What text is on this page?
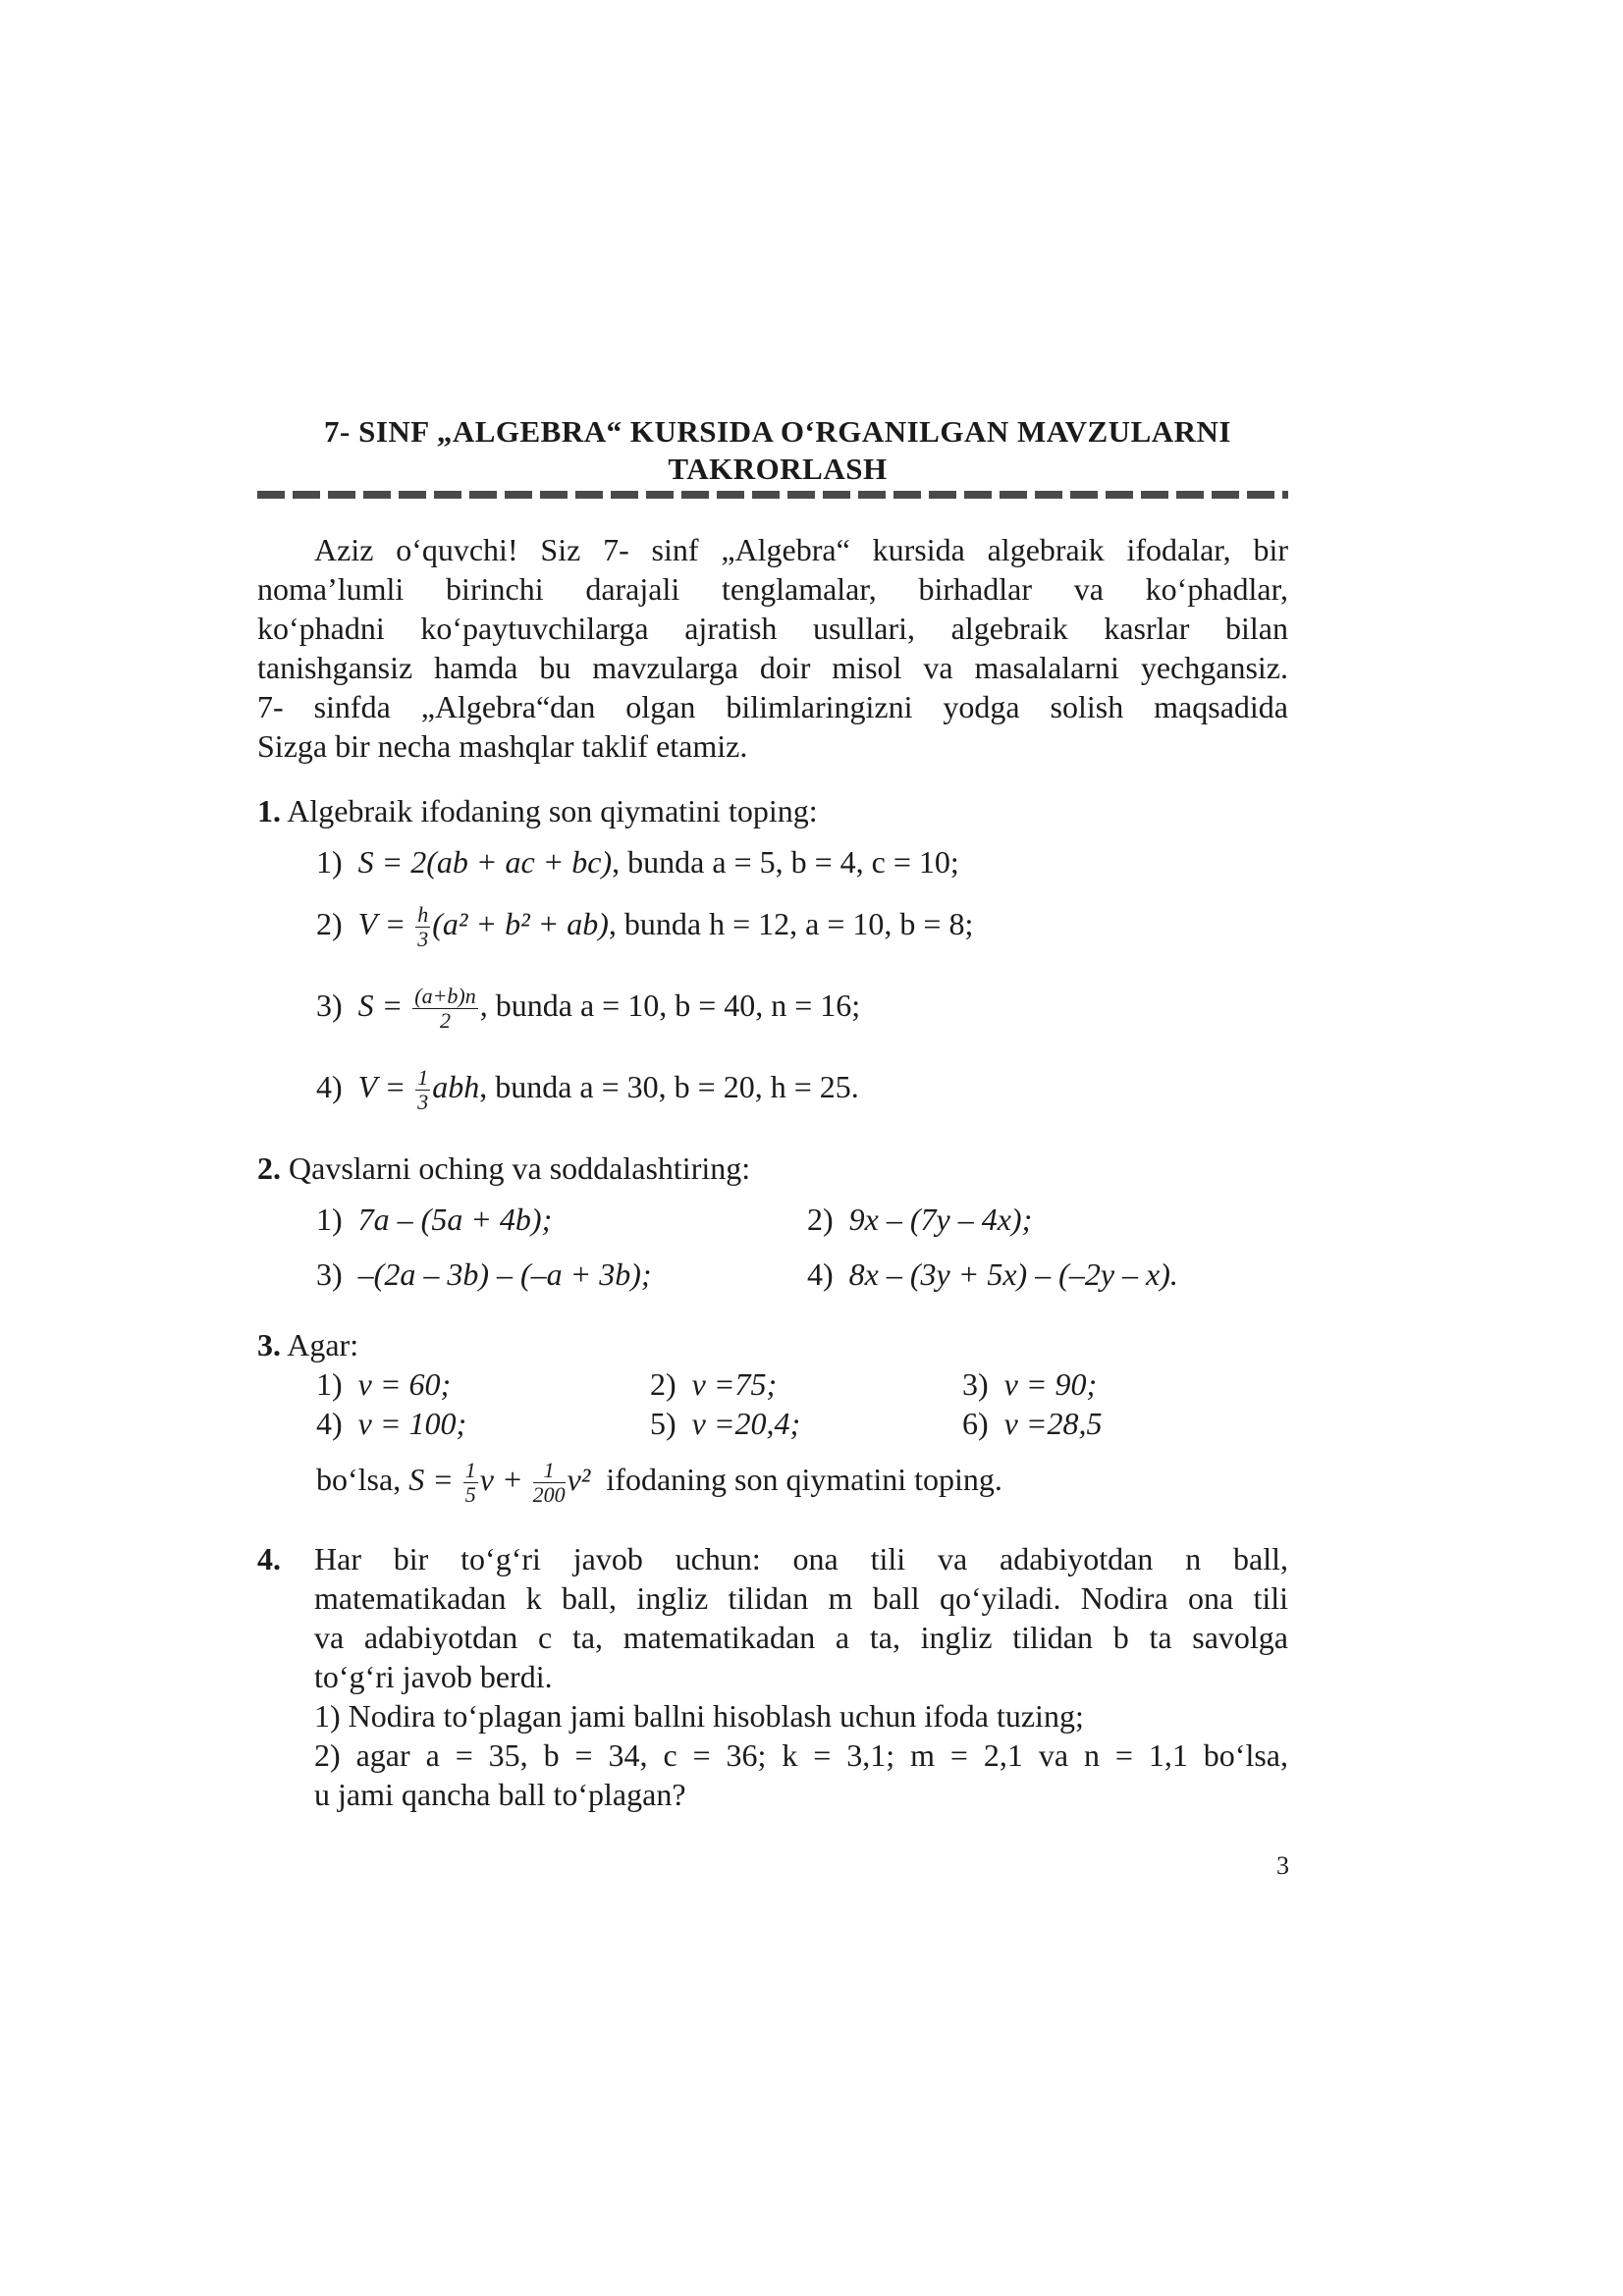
7- SINF „ALGEBRA“ KURSIDA O‘RGANILGAN MAVZULARNI
TAKRORLASH
Aziz o‘quvchi! Siz 7- sinf „Algebra“ kursida algebraik ifodalar, bir
noma’lumli birinchi darajali tenglamalar, birhadlar va ko‘phadlar,
ko‘phadni ko‘paytuvchilarga ajratish usullari, algebraik kasrlar bilan
tanishgansiz hamda bu mavzularga doir misol va masalalarni yechgansiz.
7- sinfda „Algebra“dan olgan bilimlaringizni yodga solish maqsadida
Sizga bir necha mashqlar taklif etamiz.
1. Algebraik ifodaning son qiymatini toping:
1) S = 2(ab + ac + bc), bunda a = 5, b = 4, c = 10;
2) $V = \frac{h}{3} (a^2 + b^2 + ab)$, bunda h = 12, a = 10, b = 8;
3) $S = \frac{(a+b)n}{2}$ , bunda a = 10, b = 40, n = 16;
4) $V = \frac{1}{3}$ abh, bunda a = 30, b = 20, h = 25.
2. Qavslarni oching va soddalashtiring:
1) 7a – (5a + 4b);	2) 9x – (7y – 4x);
3) –(2a – 3b) – (–a + 3b);	4) 8x – (3y + 5x) – (–2y – x).
3. Agar:
1) v = 60;	2) v =75;	3) v = 90;
4) v = 100;	5) v =20,4;	6) v =28,5
bo‘lsa, $S = \frac{1}{5}$ $v + \frac{1}{200} v^2$ ifodaning son qiymatini toping.
4. Har bir to‘g‘ri javob uchun: ona tili va adabiyotdan n ball,
matematikadan k ball, ingliz tilidan m ball qo‘yiladi. Nodira ona tili
va adabiyotdan c ta, matematikadan a ta, ingliz tilidan b ta savolga
to‘g‘ri javob berdi.
1) Nodira to‘plagan jami ballni hisoblash uchun ifoda tuzing;
2) agar a = 35, b = 34, c = 36; k = 3,1; m = 2,1 va n = 1,1 bo‘lsa,
u jami qancha ball to‘plagan?
3
